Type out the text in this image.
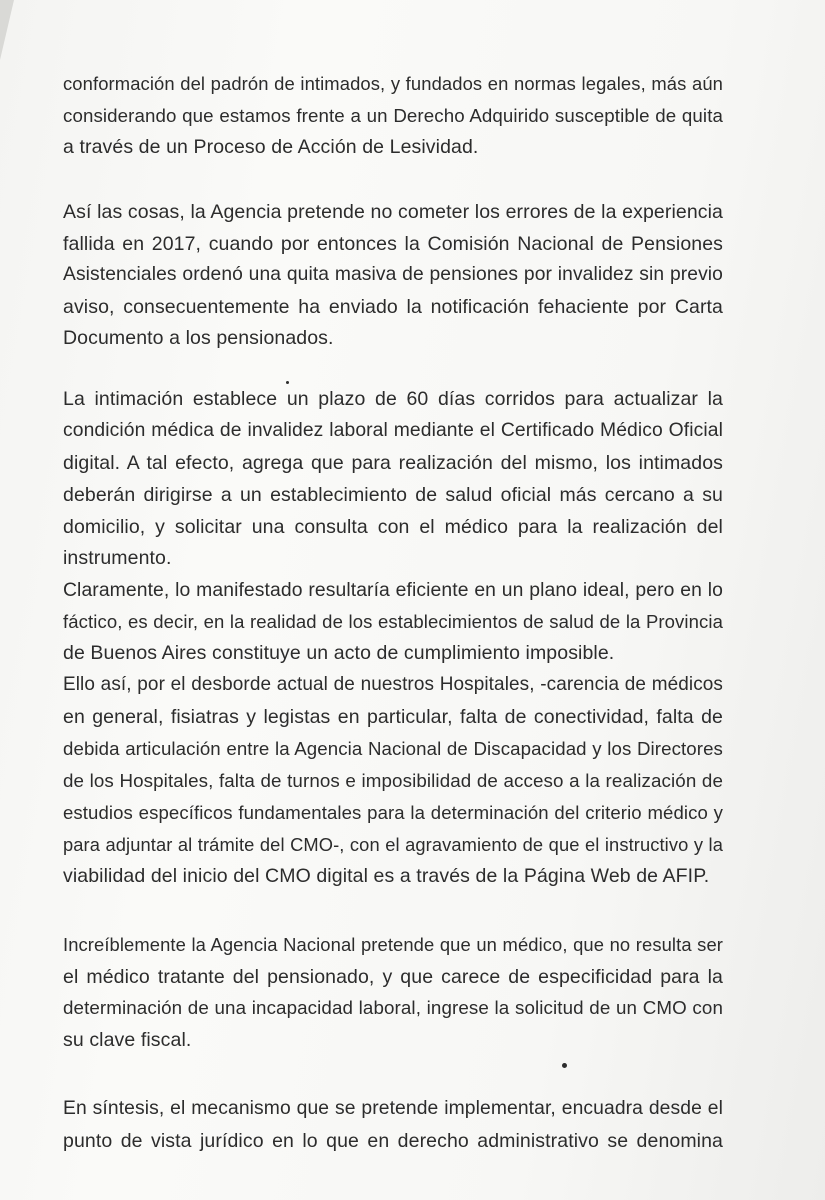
conformación del padrón de intimados, y fundados en normas legales, más aún

considerando que estamos frente a un Derecho Adquirido susceptible de quita

a través de un Proceso de Acción de Lesividad.

Así las cosas, la Agencia pretende no cometer los errores de la experiencia

fallida en 2017, cuando por entonces la Comisión Nacional de Pensiones

Asistenciales ordenó una quita masiva de pensiones por invalidez sin previo

aviso, consecuentemente ha enviado la notificación fehaciente por Carta

Documento a los pensionados.

La intimación establece un plazo de 60 días corridos para actualizar la

condición médica de invalidez laboral mediante el Certificado Médico Oficial

digital. A tal efecto, agrega que para realización del mismo, los intimados

deberán dirigirse a un establecimiento de salud oficial más cercano a su

domicilio, y solicitar una consulta con el médico para la realización del

instrumento.

Claramente, lo manifestado resultaría eficiente en un plano ideal, pero en lo

fáctico, es decir, en la realidad de los establecimientos de salud de la Provincia

de Buenos Aires constituye un acto de cumplimiento imposible.

Ello así, por el desborde actual de nuestros Hospitales, -carencia de médicos

en general, fisiatras y legistas en particular, falta de conectividad, falta de

debida articulación entre la Agencia Nacional de Discapacidad y los Directores

de los Hospitales, falta de turnos e imposibilidad de acceso a la realización de

estudios específicos fundamentales para la determinación del criterio médico y

para adjuntar al trámite del CMO-, con el agravamiento de que el instructivo y la

viabilidad del inicio del CMO digital es a través de la Página Web de AFIP.

Increíblemente la Agencia Nacional pretende que un médico, que no resulta ser

el médico tratante del pensionado, y que carece de especificidad para la

determinación de una incapacidad laboral, ingrese la solicitud de un CMO con

su clave fiscal.

En síntesis, el mecanismo que se pretende implementar, encuadra desde el

punto de vista jurídico en lo que en derecho administrativo se denomina
